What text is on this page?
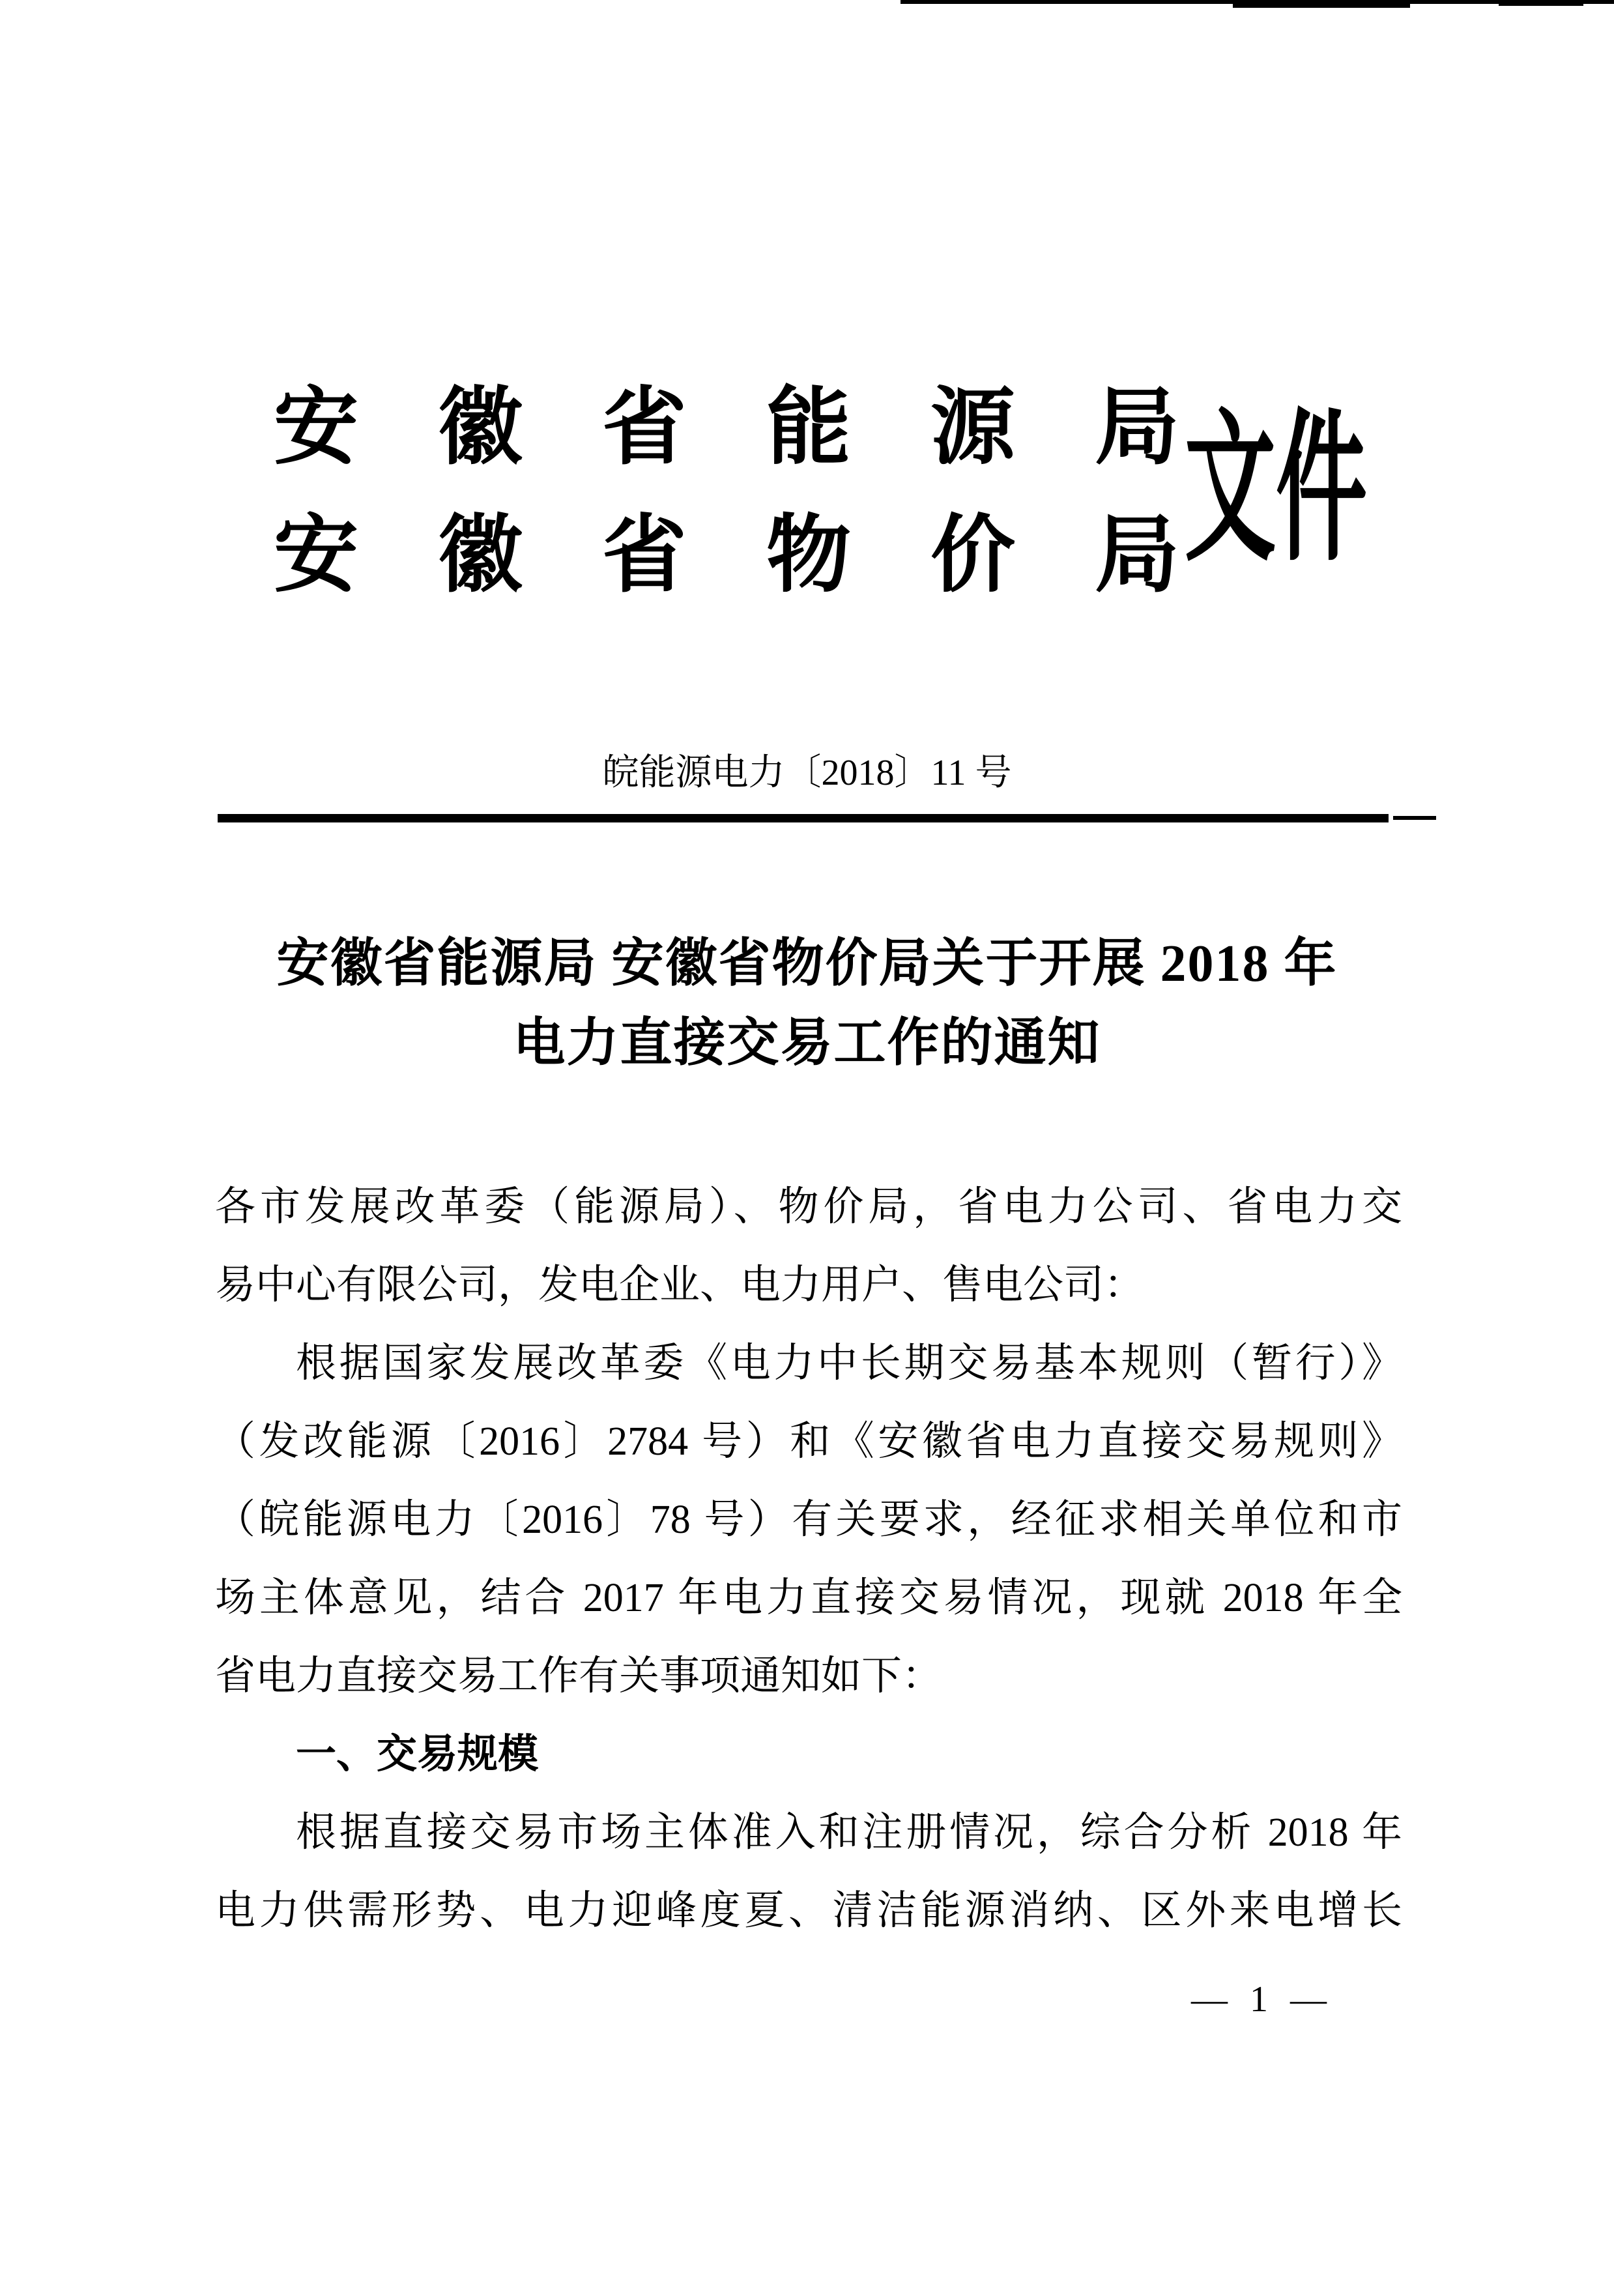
安徽省能源局
安徽省物价局
文件
皖能源电力〔2018〕11 号
安徽省能源局 安徽省物价局关于开展 2018 年
电力直接交易工作的通知

各市发展改革委（能源局）、物价局，省电力公司、省电力交

易中心有限公司，发电企业、电力用户、售电公司：

根据国家发展改革委《电力中长期交易基本规则（暂行）》

（发改能源〔2016〕2784 号）和《安徽省电力直接交易规则》

（皖能源电力〔2016〕78 号）有关要求，经征求相关单位和市

场主体意见，结合 2017 年电力直接交易情况，现就 2018 年全

省电力直接交易工作有关事项通知如下：

一、交易规模

根据直接交易市场主体准入和注册情况，综合分析 2018 年

电力供需形势、电力迎峰度夏、清洁能源消纳、区外来电增长

— 1 —
